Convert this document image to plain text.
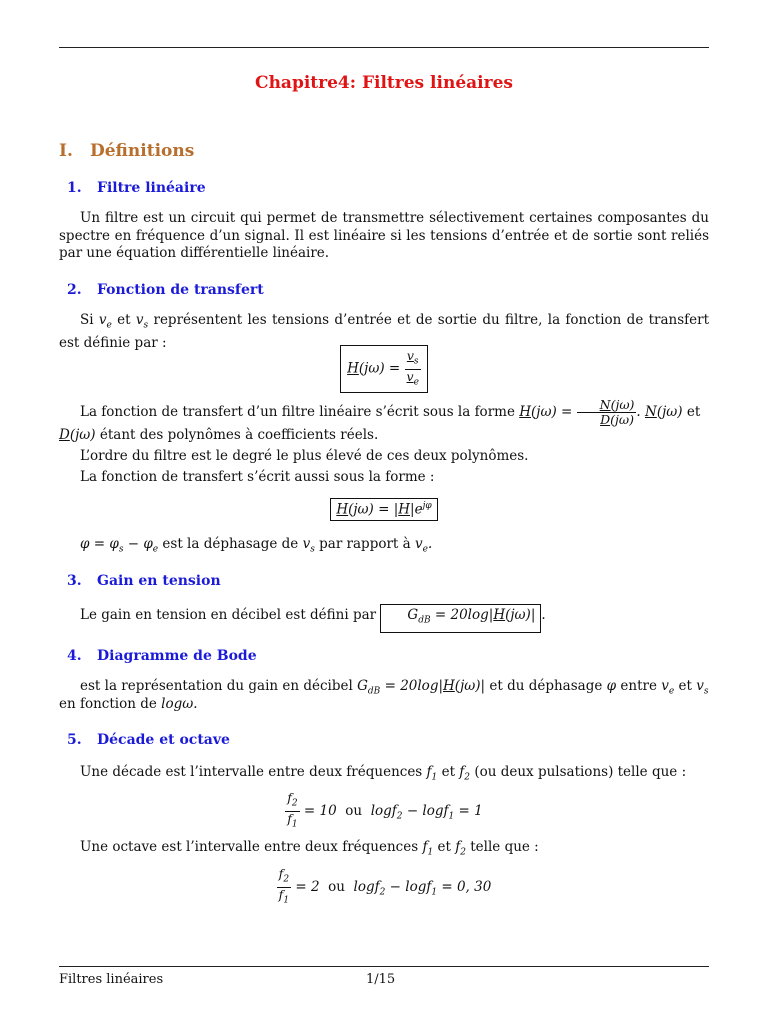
Chapitre4: Filtres linéaires
I. Définitions
1. Filtre linéaire
Un filtre est un circuit qui permet de transmettre sélectivement certaines composantes du spectre en fréquence d’un signal. Il est linéaire si les tensions d’entrée et de sortie sont reliés par une équation différentielle linéaire.
2. Fonction de transfert
Si $v_e$ et $v_s$ représentent les tensions d’entrée et de sortie du filtre, la fonction de transfert est définie par :
$H(j\omega) = \frac{v_s}{v_e}$
La fonction de transfert d’un filtre linéaire s’écrit sous la forme $H(j\omega) = \frac{N(j\omega)}{D(j\omega)}$ . N(jω) et
D(jω) étant des polynômes à coefficients réels.
L’ordre du filtre est le degré le plus élevé de ces deux polynômes.
La fonction de transfert s’écrit aussi sous la forme :
$H(j\omega) = |H|e^{j\varphi}$
$\varphi = \varphi_s - \varphi_e$ est la déphasage de $v_s$ par rapport à $v_e$.
3. Gain en tension
Le gain en tension en décibel est défini par $G_{dB} = 20\log|H(j\omega)|$ .
4. Diagramme de Bode
est la représentation du gain en décibel $G_{dB} = 20\log|H(j\omega)|$ et du déphasage φ entre $v_e$ et $v_s$
en fonction de logω.
5. Décade et octave
Une décade est l’intervalle entre deux fréquences $f_1$ et $f_2$ (ou deux pulsations) telle que :
$\frac{f_2}{f_1} = 10$  ou  logf$_2$ − logf$_1$ = 1
Une octave est l’intervalle entre deux fréquences $f_1$ et $f_2$ telle que :
$\frac{f_2}{f_1} = 2$  ou  logf$_2$ − logf$_1$ = 0, 30
Filtres linéaires	1/15
